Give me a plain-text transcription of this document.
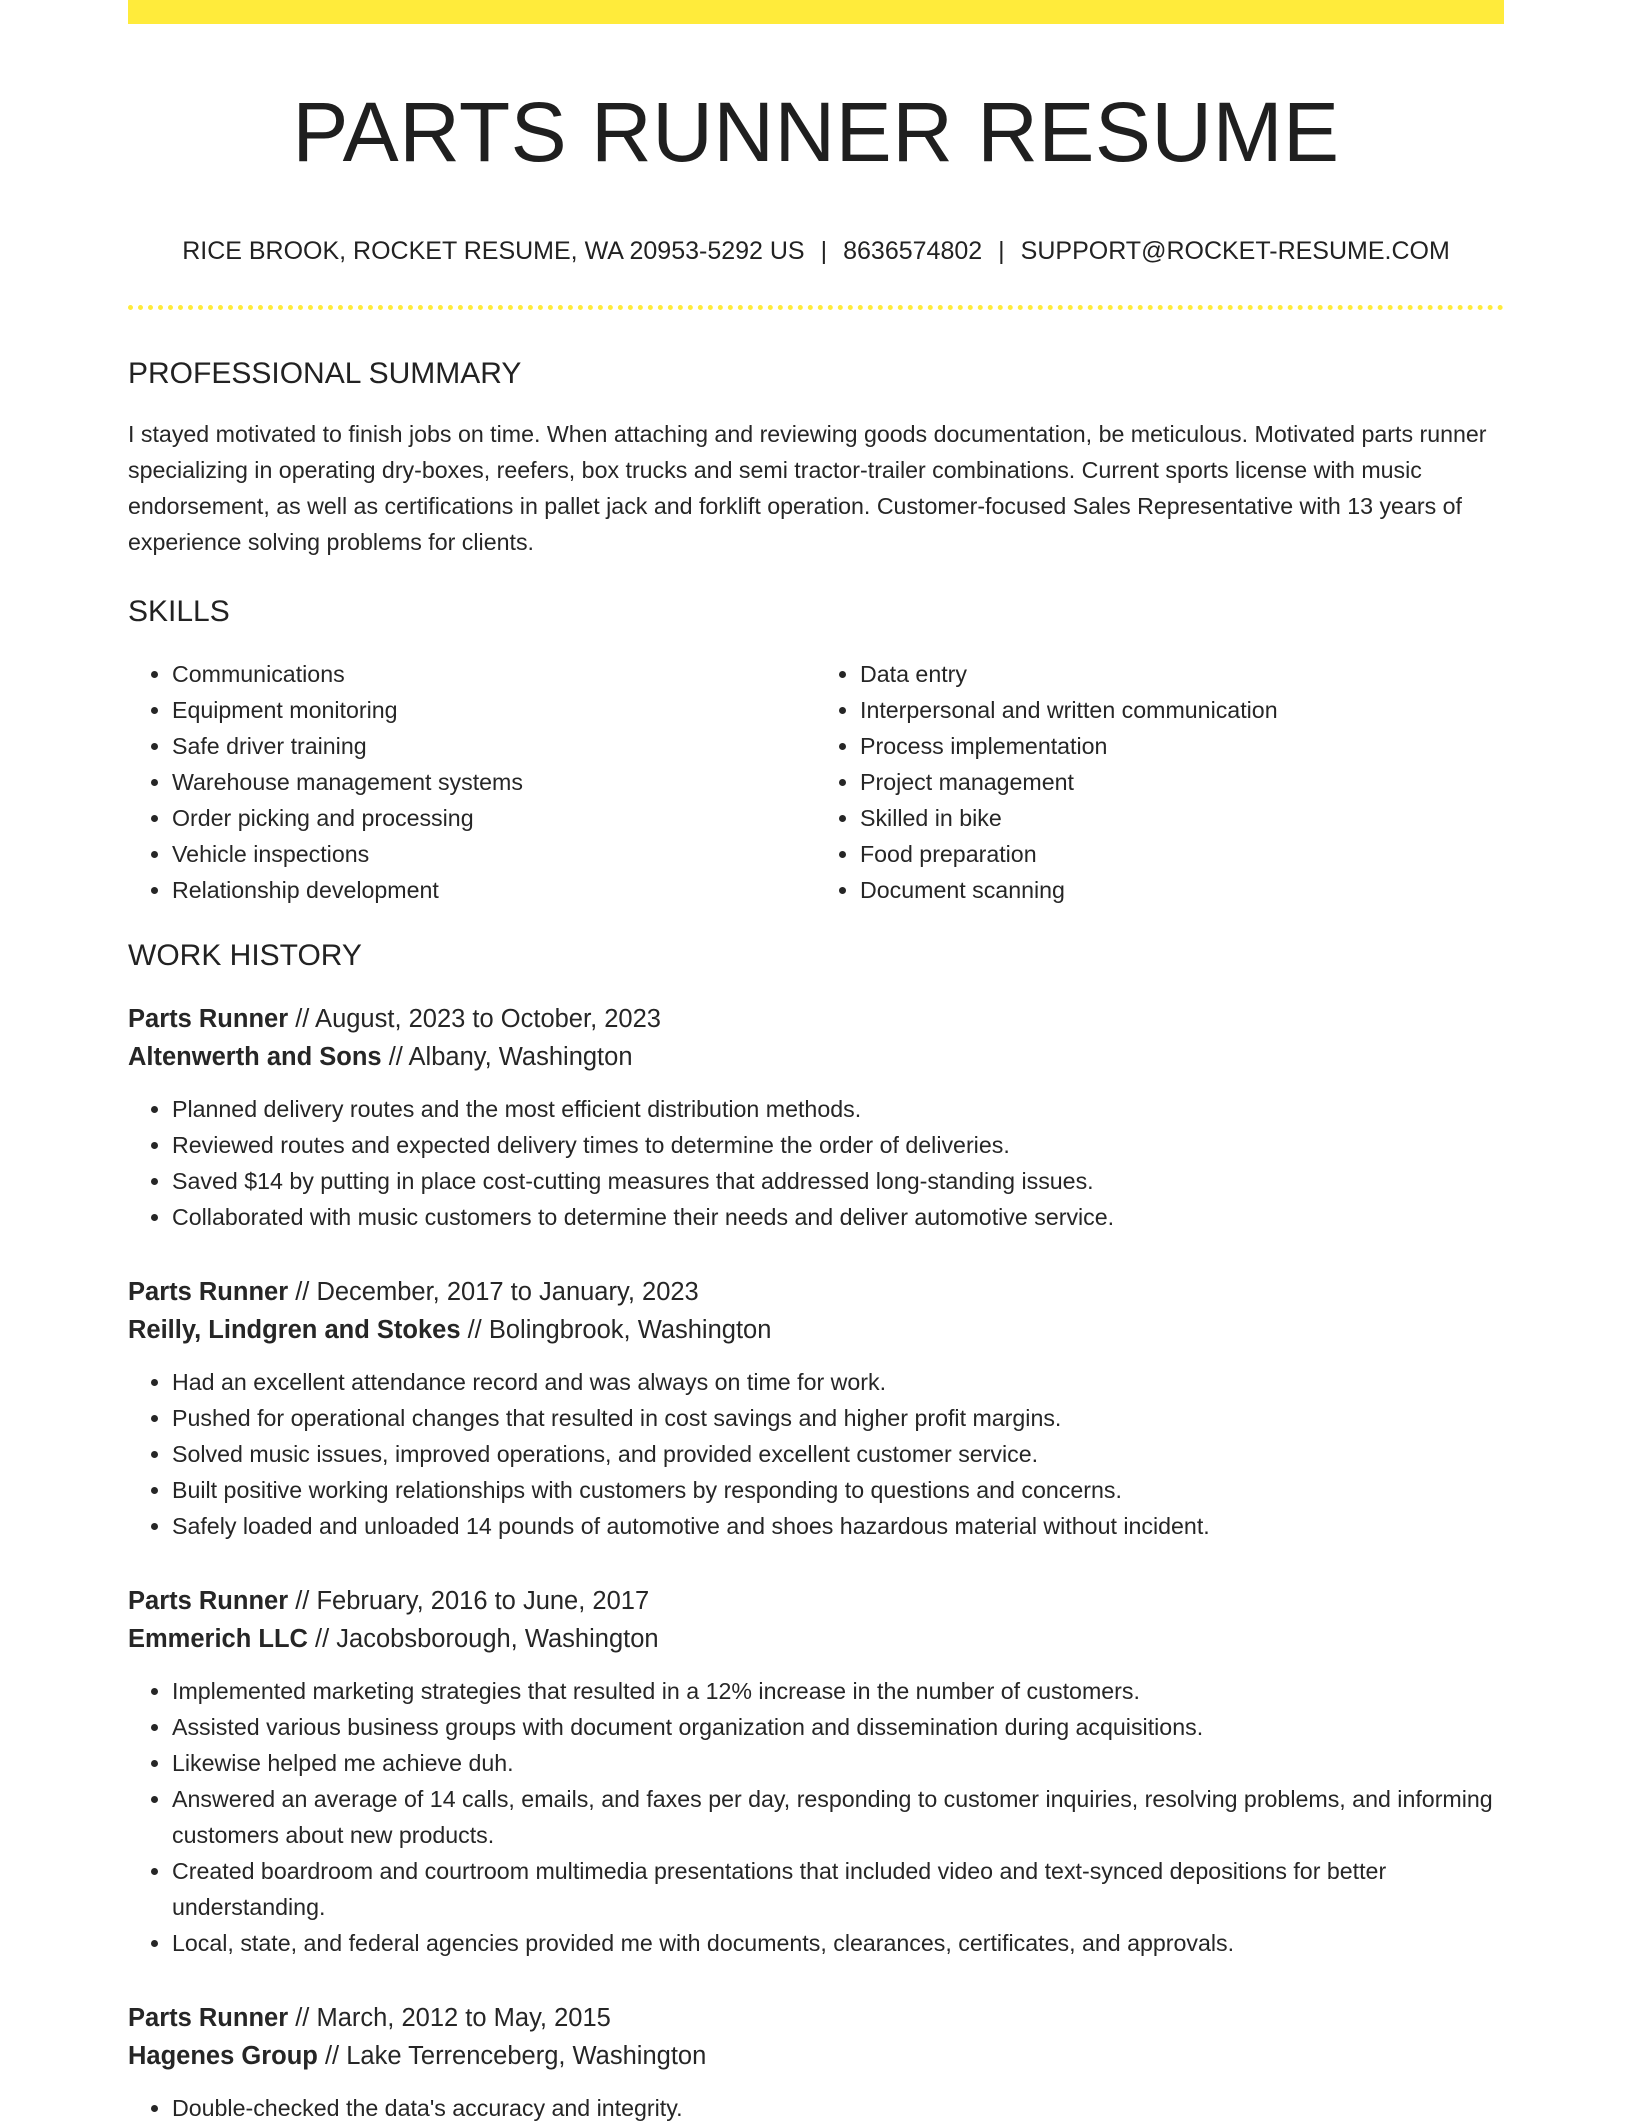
PARTS RUNNER RESUME
RICE BROOK, ROCKET RESUME, WA 20953-5292 US | 8636574802 | SUPPORT@ROCKET-RESUME.COM
PROFESSIONAL SUMMARY

I stayed motivated to finish jobs on time. When attaching and reviewing goods documentation, be meticulous. Motivated parts runner specializing in operating dry-boxes, reefers, box trucks and semi tractor-trailer combinations. Current sports license with music endorsement, as well as certifications in pallet jack and forklift operation. Customer-focused Sales Representative with 13 years of experience solving problems for clients.

SKILLS
• Communications
• Equipment monitoring
• Safe driver training
• Warehouse management systems
• Order picking and processing
• Vehicle inspections
• Relationship development
• Data entry
• Interpersonal and written communication
• Process implementation
• Project management
• Skilled in bike
• Food preparation
• Document scanning
WORK HISTORY
Parts Runner // August, 2023 to October, 2023
Altenwerth and Sons // Albany, Washington
• Planned delivery routes and the most efficient distribution methods.
• Reviewed routes and expected delivery times to determine the order of deliveries.
• Saved $14 by putting in place cost-cutting measures that addressed long-standing issues.
• Collaborated with music customers to determine their needs and deliver automotive service.
Parts Runner // December, 2017 to January, 2023
Reilly, Lindgren and Stokes // Bolingbrook, Washington
• Had an excellent attendance record and was always on time for work.
• Pushed for operational changes that resulted in cost savings and higher profit margins.
• Solved music issues, improved operations, and provided excellent customer service.
• Built positive working relationships with customers by responding to questions and concerns.
• Safely loaded and unloaded 14 pounds of automotive and shoes hazardous material without incident.
Parts Runner // February, 2016 to June, 2017
Emmerich LLC // Jacobsborough, Washington
• Implemented marketing strategies that resulted in a 12% increase in the number of customers.
• Assisted various business groups with document organization and dissemination during acquisitions.
• Likewise helped me achieve duh.
• Answered an average of 14 calls, emails, and faxes per day, responding to customer inquiries, resolving problems, and informing customers about new products.
• Created boardroom and courtroom multimedia presentations that included video and text-synced depositions for better understanding.
• Local, state, and federal agencies provided me with documents, clearances, certificates, and approvals.
Parts Runner // March, 2012 to May, 2015
Hagenes Group // Lake Terrenceberg, Washington
• Double-checked the data's accuracy and integrity.
